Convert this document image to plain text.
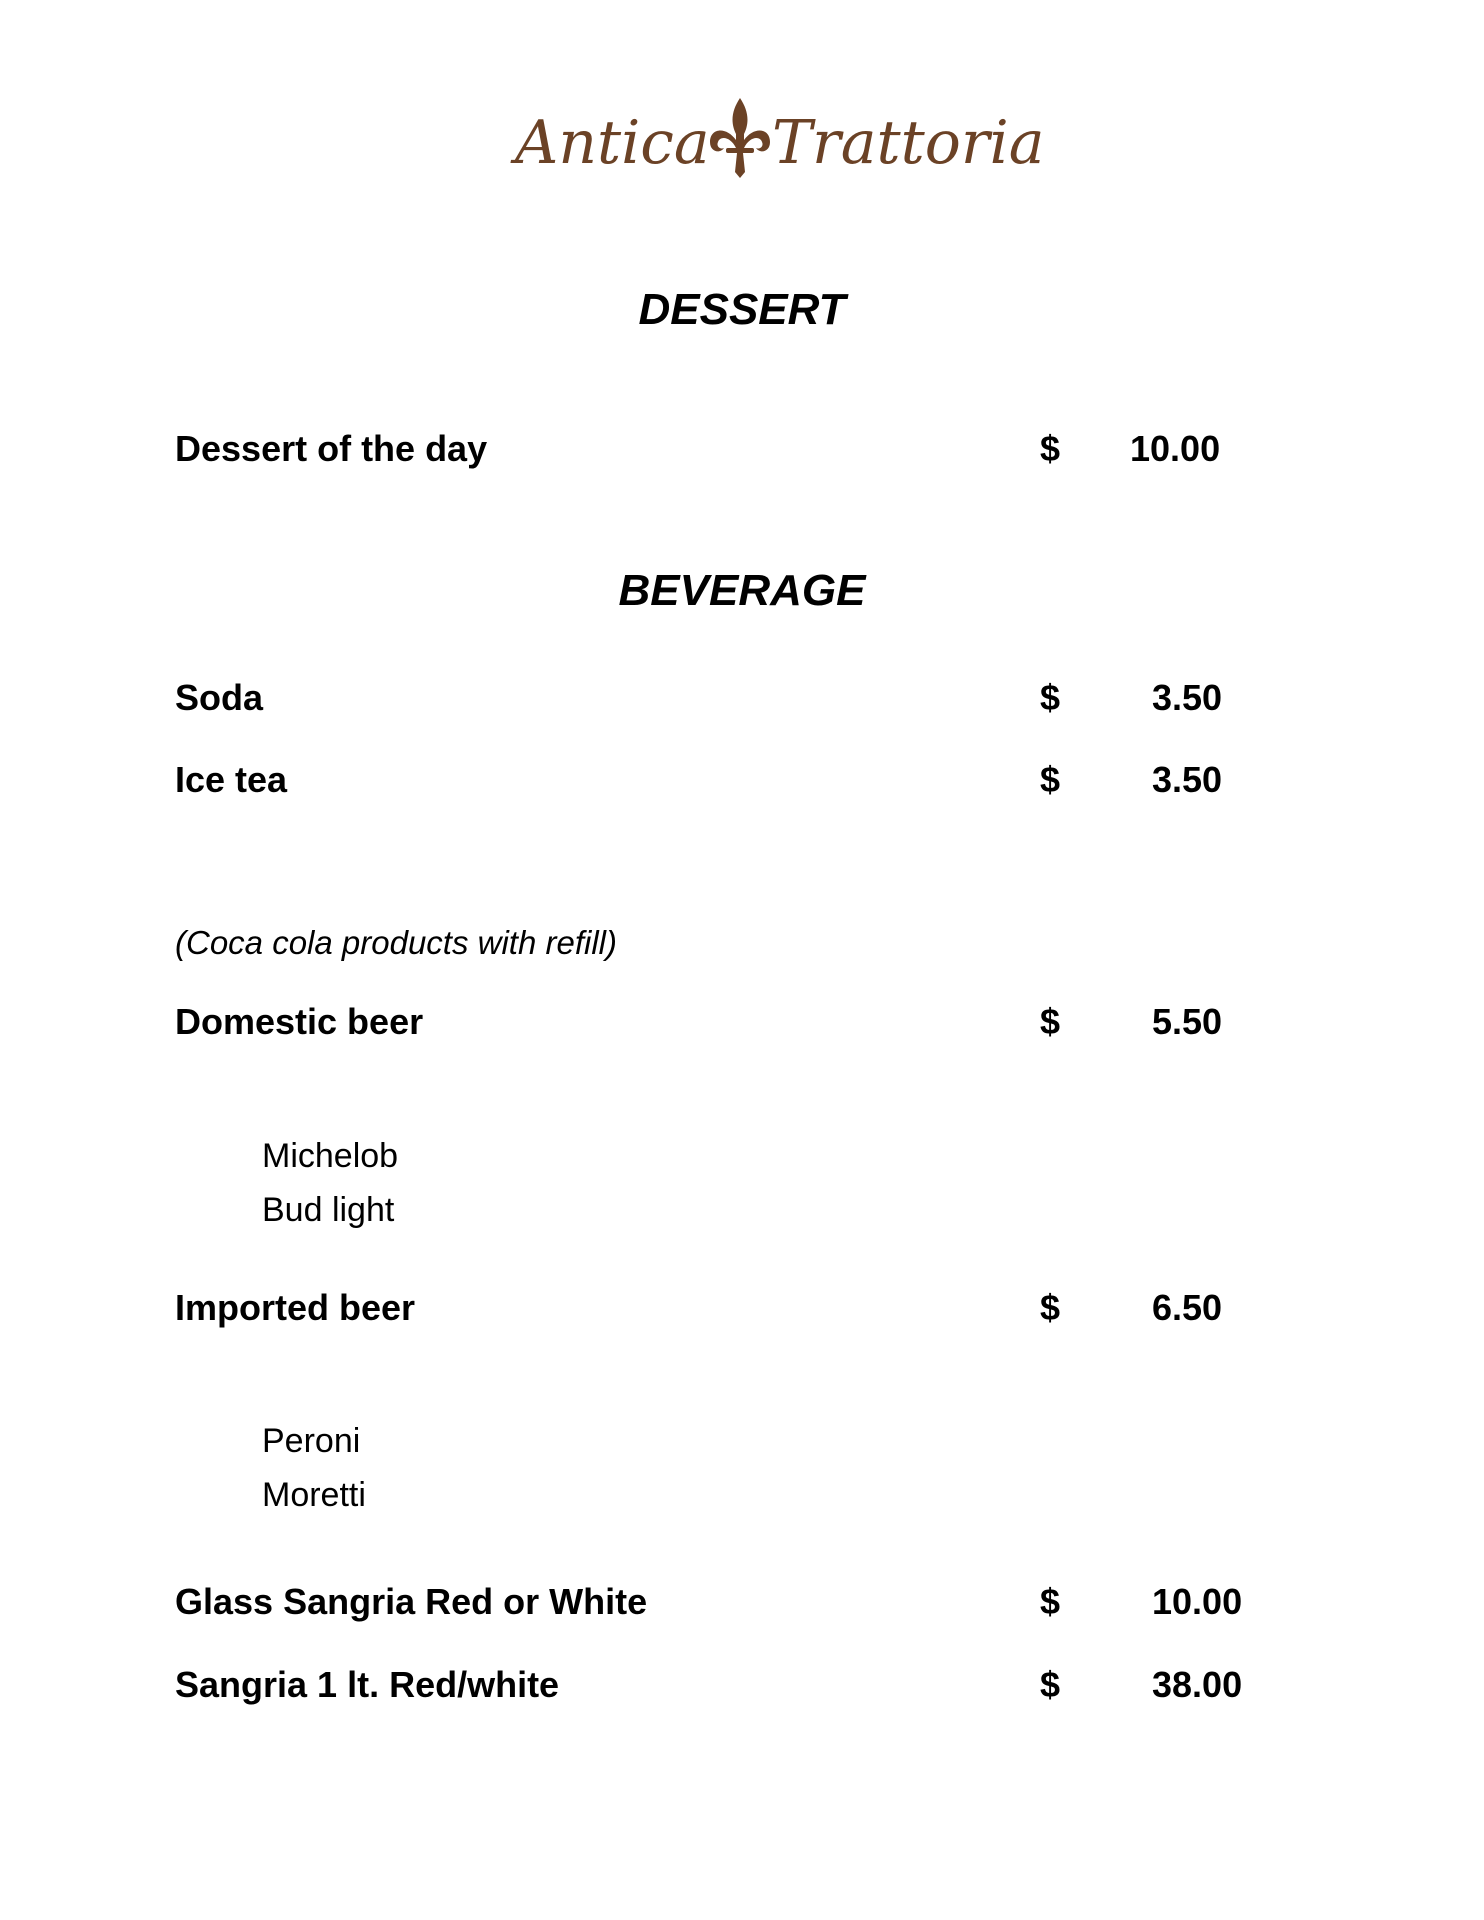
Antica Trattoria
DESSERT
Dessert of the day	$ 10.00
BEVERAGE
Soda	$	3.50
Ice tea	$	3.50
(Coca cola products with refill)
Domestic beer	$	5.50
Michelob
Bud light
Imported beer	$	6.50
Peroni
Moretti
Glass Sangria Red or White	$	10.00
Sangria 1 lt. Red/white	$	38.00
